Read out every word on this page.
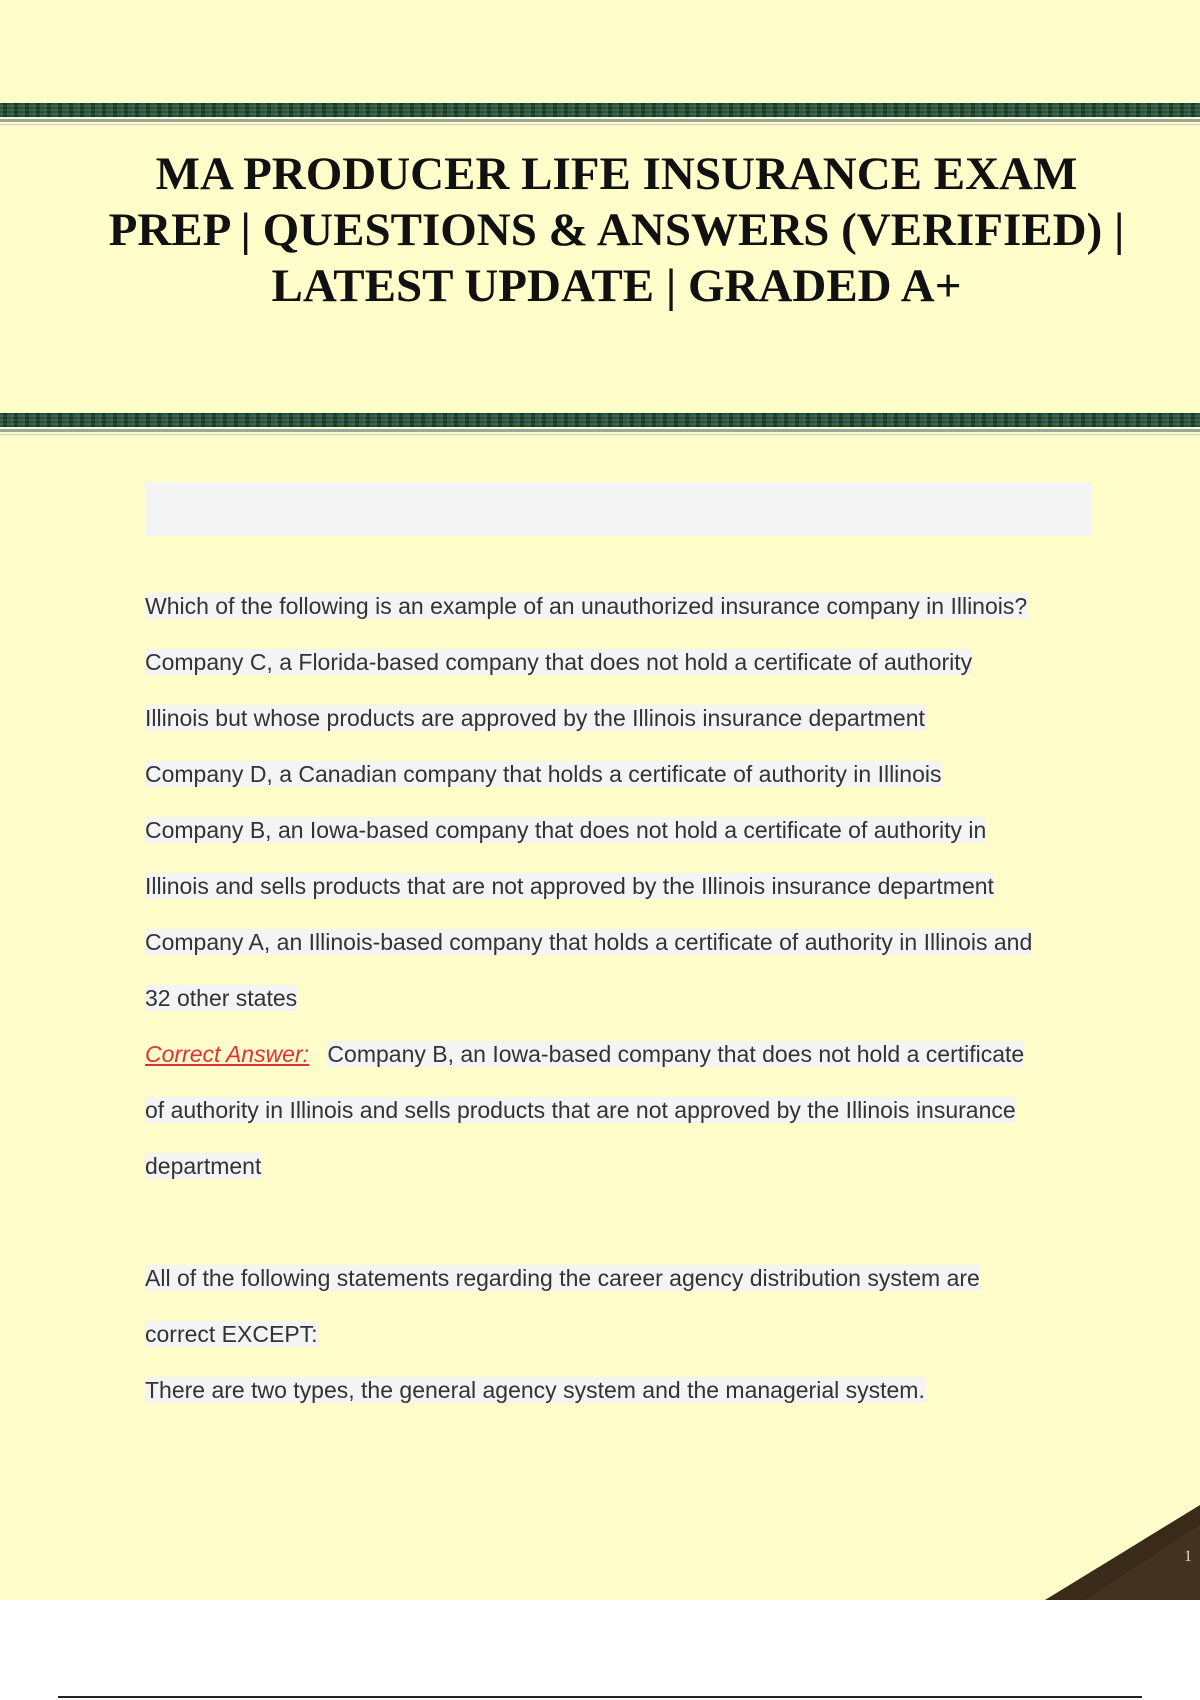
MA PRODUCER LIFE INSURANCE EXAM PREP | QUESTIONS & ANSWERS (VERIFIED) | LATEST UPDATE | GRADED A+
Which of the following is an example of an unauthorized insurance company in Illinois?
Company C, a Florida-based company that does not hold a certificate of authority
Illinois but whose products are approved by the Illinois insurance department
Company D, a Canadian company that holds a certificate of authority in Illinois
Company B, an Iowa-based company that does not hold a certificate of authority in
Illinois and sells products that are not approved by the Illinois insurance department
Company A, an Illinois-based company that holds a certificate of authority in Illinois and
32 other states
Correct Answer: Company B, an Iowa-based company that does not hold a certificate
of authority in Illinois and sells products that are not approved by the Illinois insurance
department
All of the following statements regarding the career agency distribution system are
correct EXCEPT:
There are two types, the general agency system and the managerial system.
1
